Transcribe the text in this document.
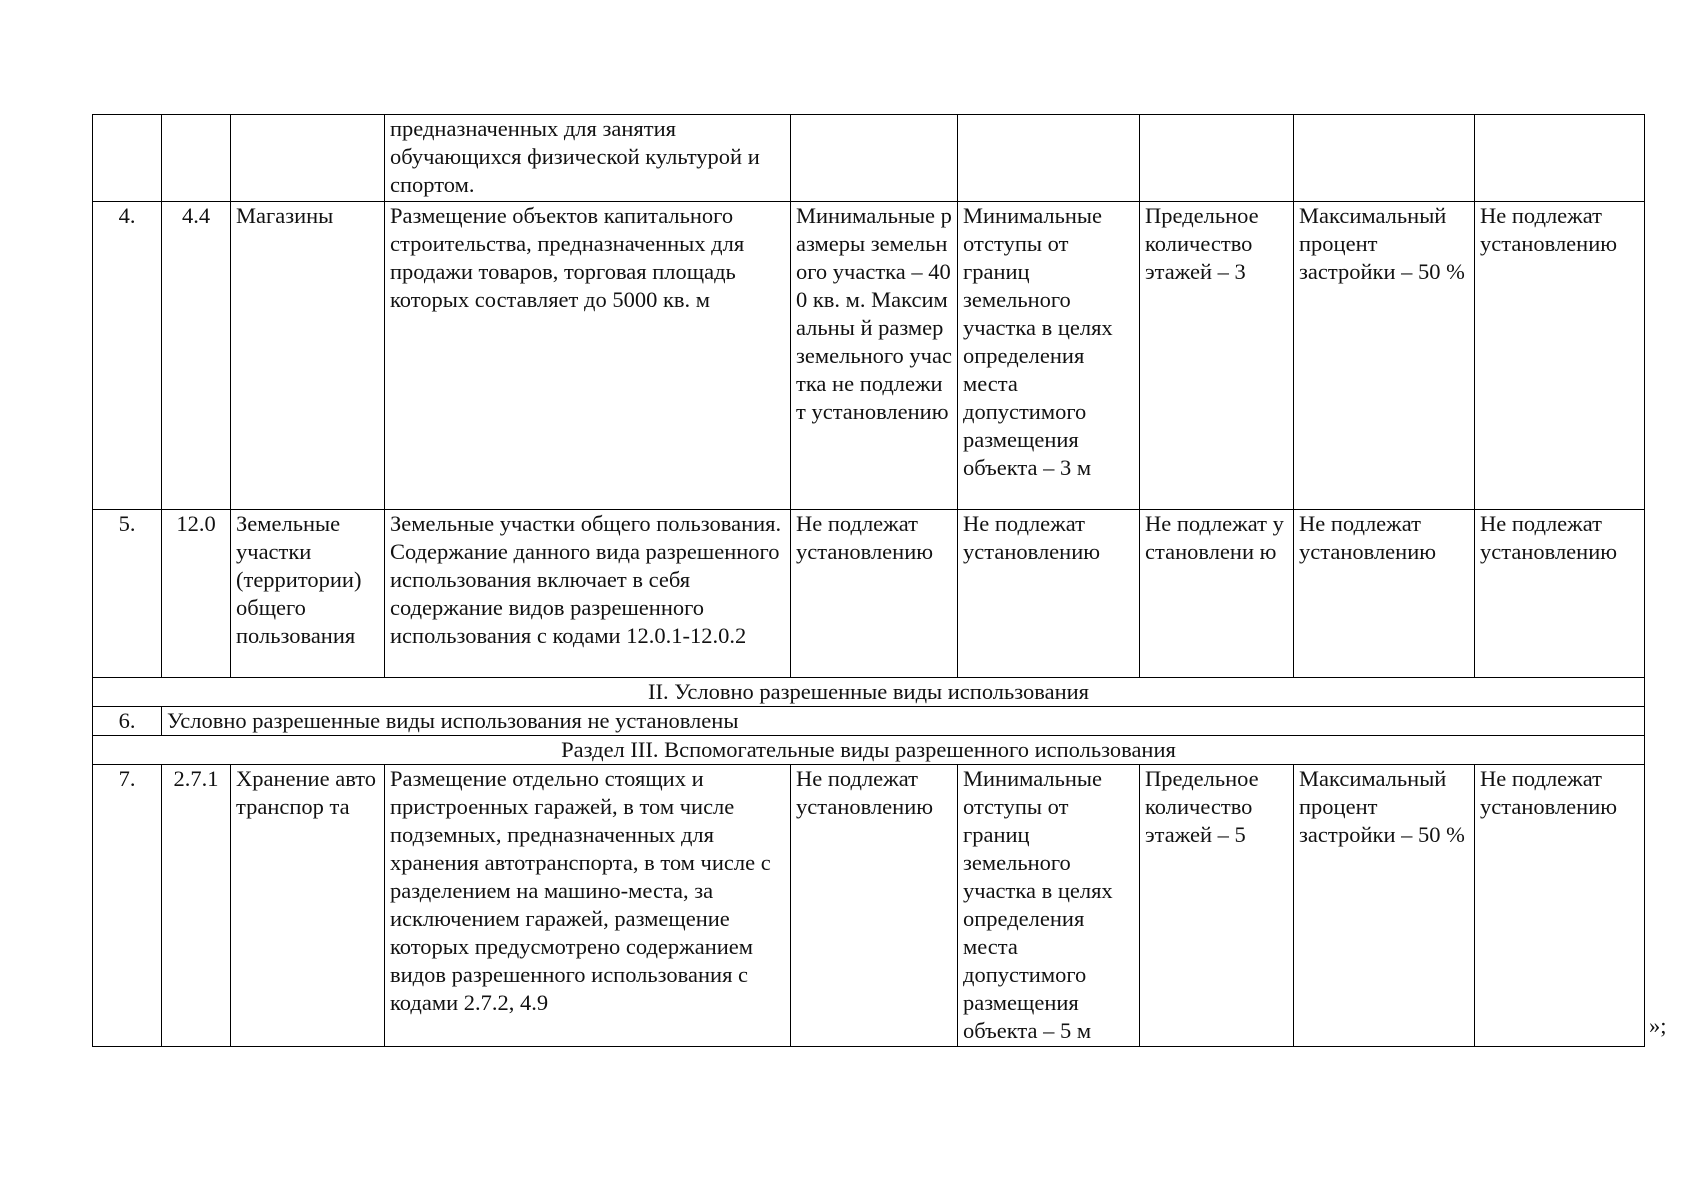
			предназначенных для занятия обучающихся физической культурой и спортом.					
4.	4.4	Магазины	Размещение объектов капитального строительства, предназначенных для продажи товаров, торговая площадь которых составляет до 5000 кв. м	Минимальные размеры земельного участка – 400 кв. м. Максимальны й размер земельного участка не подлежит установлению	Минимальные отступы от границ земельного участка в целях определения места допустимого размещения объекта – 3 м	Предельное количество этажей – 3	Максимальный процент застройки – 50 %	Не подлежат установлению
5.	12.0	Земельные участки (территории) общего пользования	Земельные участки общего пользования. Содержание данного вида разрешенного использования включает в себя содержание видов разрешенного использования с кодами 12.0.1-12.0.2	Не подлежат установлению	Не подлежат установлению	Не подлежат установлени ю	Не подлежат установлению	Не подлежат установлению
II. Условно разрешенные виды использования								
6.	Условно разрешенные виды использования не установлены							
Раздел III. Вспомогательные виды разрешенного использования								
7.	2.7.1	Хранение автотранспор та	Размещение отдельно стоящих и пристроенных гаражей, в том числе подземных, предназначенных для хранения автотранспорта, в том числе с разделением на машино-места, за исключением гаражей, размещение которых предусмотрено содержанием видов разрешенного использования с кодами 2.7.2, 4.9	Не подлежат установлению	Минимальные отступы от границ земельного участка в целях определения места допустимого размещения объекта – 5 м	Предельное количество этажей – 5	Максимальный процент застройки – 50 %	Не подлежат установлению
»;
